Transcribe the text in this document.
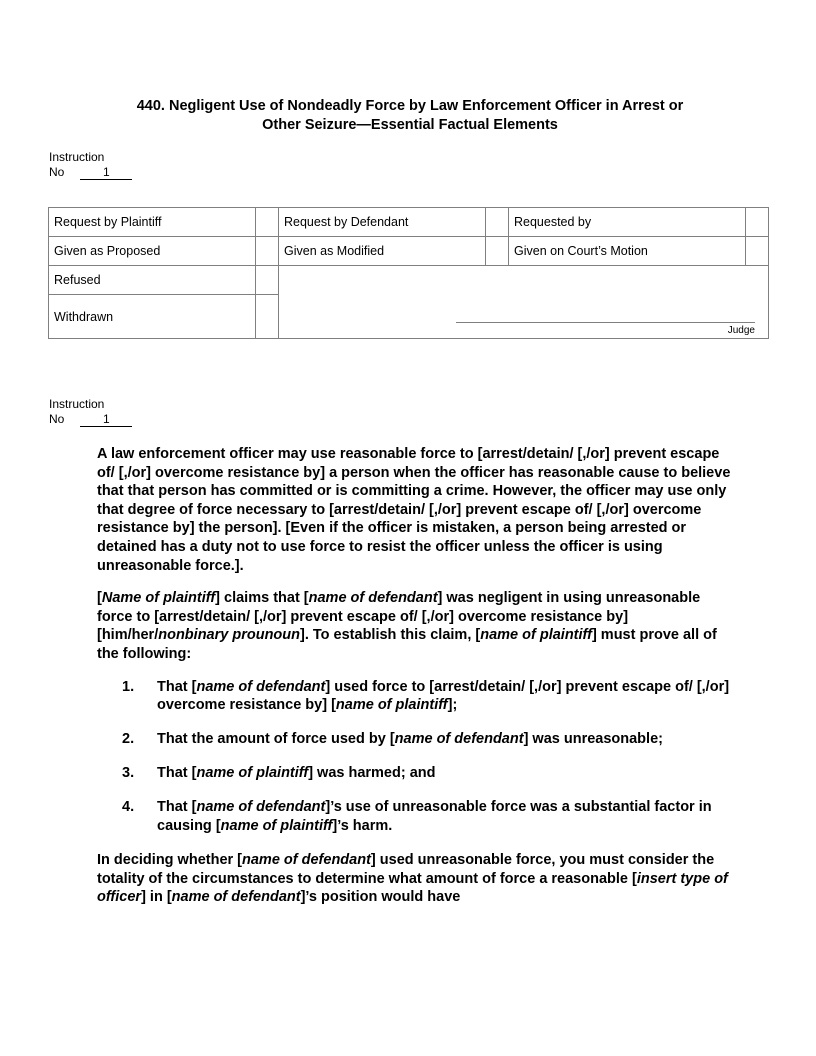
440. Negligent Use of Nondeadly Force by Law Enforcement Officer in Arrest or
Other Seizure—Essential Factual Elements
Instruction
No	1
Request by Plaintiff		Request by Defendant		Requested by	
Given as Proposed		Given as Modified		Given on Court’s Motion	
Refused		Judge			

Withdrawn					
Instruction
No	1

A law enforcement officer may use reasonable force to [arrest/detain/ [,/or] prevent escape of/ [,/or] overcome resistance by] a person when the officer has reasonable cause to believe that that person has committed or is committing a crime. However, the officer may use only that degree of force necessary to [arrest/detain/ [,/or] prevent escape of/ [,/or] overcome resistance by] the person]. [Even if the officer is mistaken, a person being arrested or detained has a duty not to use force to resist the officer unless the officer is using unreasonable force.].

[Name of plaintiff] claims that [name of defendant] was negligent in using unreasonable force to [arrest/detain/ [,/or] prevent escape of/ [,/or] overcome resistance by] [him/her/nonbinary prounoun]. To establish this claim, [name of plaintiff] must prove all of the following:

1.	That [name of defendant] used force to [arrest/detain/ [,/or] prevent escape of/ [,/or] overcome resistance by] [name of plaintiff];
2.	That the amount of force used by [name of defendant] was unreasonable;
3.	That [name of plaintiff] was harmed; and
4.	That [name of defendant]’s use of unreasonable force was a substantial factor in causing [name of plaintiff]’s harm.

In deciding whether [name of defendant] used unreasonable force, you must consider the totality of the circumstances to determine what amount of force a reasonable [insert type of officer] in [name of defendant]’s position would have
